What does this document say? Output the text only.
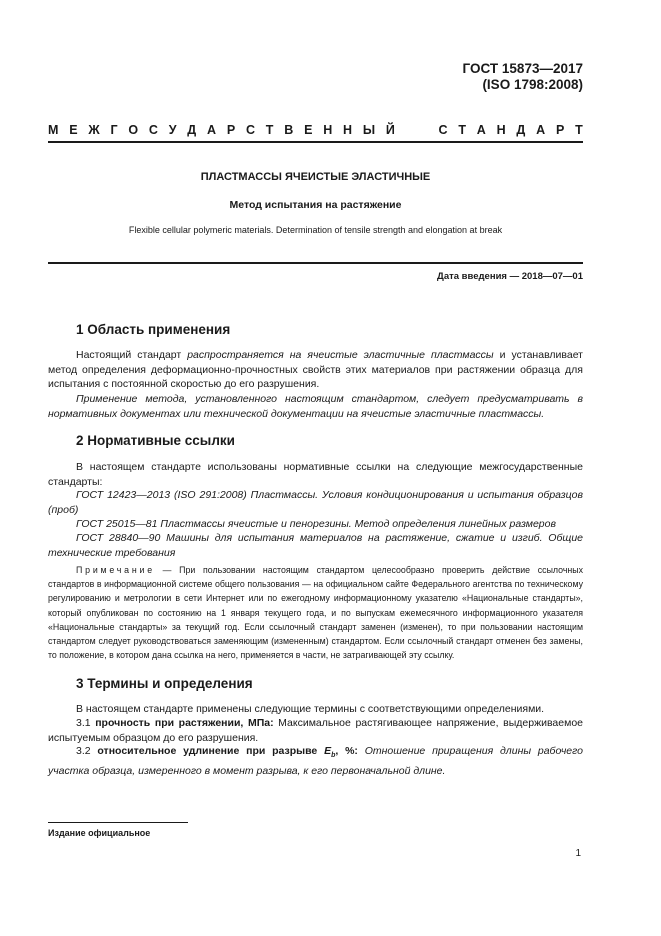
ГОСТ 15873—2017
(ISO 1798:2008)
М Е Ж Г О С У Д А Р С Т В Е Н Н Ы Й	С Т А Н Д А Р Т
ПЛАСТМАССЫ ЯЧЕИСТЫЕ ЭЛАСТИЧНЫЕ
Метод испытания на растяжение
Flexible cellular polymeric materials. Determination of tensile strength and elongation at break
Дата введения — 2018—07—01
1 Область применения
Настоящий стандарт распространяется на ячеистые эластичные пластмассы и устанавливает метод определения деформационно-прочностных свойств этих материалов при растяжении образца для испытания с постоянной скоростью до его разрушения.
Применение метода, установленного настоящим стандартом, следует предусматривать в нормативных документах или технической документации на ячеистые эластичные пластмассы.
2 Нормативные ссылки
В настоящем стандарте использованы нормативные ссылки на следующие межгосударственные стандарты:
ГОСТ 12423—2013 (ISO 291:2008) Пластмассы. Условия кондиционирования и испытания образцов (проб)
ГОСТ 25015—81 Пластмассы ячеистые и пенорезины. Метод определения линейных размеров
ГОСТ 28840—90 Машины для испытания материалов на растяжение, сжатие и изгиб. Общие технические требования
Примечание — При пользовании настоящим стандартом целесообразно проверить действие ссылочных стандартов в информационной системе общего пользования — на официальном сайте Федерального агентства по техническому регулированию и метрологии в сети Интернет или по ежегодному информационному указателю «Национальные стандарты», который опубликован по состоянию на 1 января текущего года, и по выпускам ежемесячного информационного указателя «Национальные стандарты» за текущий год. Если ссылочный стандарт заменен (изменен), то при пользовании настоящим стандартом следует руководствоваться заменяющим (измененным) стандартом. Если ссылочный стандарт отменен без замены, то положение, в котором дана ссылка на него, применяется в части, не затрагивающей эту ссылку.
3 Термины и определения
В настоящем стандарте применены следующие термины с соответствующими определениями.
3.1 прочность при растяжении, МПа: Максимальное растягивающее напряжение, выдерживаемое испытуемым образцом до его разрушения.
3.2 относительное удлинение при разрыве $E_b$, %: Отношение приращения длины рабочего участка образца, измеренного в момент разрыва, к его первоначальной длине.
Издание официальное
1
